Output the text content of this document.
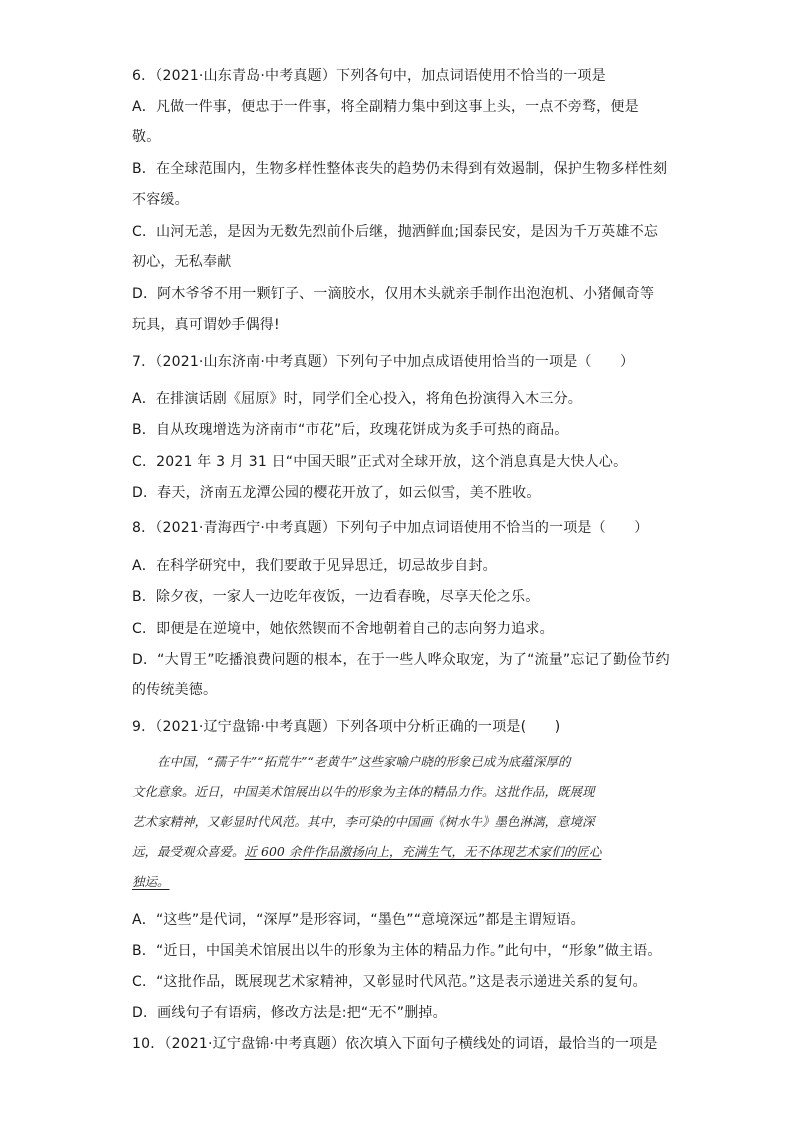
6．（2021·山东青岛·中考真题）下列各句中，加点词语使用不恰当的一项是
A．凡做一件事，便忠于一件事，将全副精力集中到这事上头，一点不旁骛，便是
敬。
B．在全球范围内，生物多样性整体丧失的趋势仍未得到有效遏制，保护生物多样性刻
不容缓。
C．山河无恙，是因为无数先烈前仆后继，抛洒鲜血;国泰民安，是因为千万英雄不忘
初心，无私奉献
D．阿木爷爷不用一颗钉子、一滴胶水，仅用木头就亲手制作出泡泡机、小猪佩奇等
玩具，真可谓妙手偶得!
7．（2021·山东济南·中考真题）下列句子中加点成语使用恰当的一项是（　　）
A．在排演话剧《屈原》时，同学们全心投入，将角色扮演得入木三分。
B．自从玫瑰增选为济南市“市花”后，玫瑰花饼成为炙手可热的商品。
C．2021 年 3 月 31 日“中国天眼”正式对全球开放，这个消息真是大快人心。
D．春天，济南五龙潭公园的樱花开放了，如云似雪，美不胜收。
8．（2021·青海西宁·中考真题）下列句子中加点词语使用不恰当的一项是（　　）
A．在科学研究中，我们要敢于见异思迁，切忌故步自封。
B．除夕夜，一家人一边吃年夜饭，一边看春晚，尽享天伦之乐。
C．即便是在逆境中，她依然锲而不舍地朝着自己的志向努力追求。
D．“大胃王”吃播浪费问题的根本，在于一些人哗众取宠，为了“流量”忘记了勤俭节约
的传统美德。
9．（2021·辽宁盘锦·中考真题）下列各项中分析正确的一项是(　　)

在中国，“孺子牛”“拓荒牛”“老黄牛”这些家喻户晓的形象已成为底蕴深厚的

文化意象。近日，中国美术馆展出以牛的形象为主体的精品力作。这批作品，既展现

艺术家精神，又彰显时代风范。其中，李可染的中国画《树水牛》墨色淋漓，意境深

远，最受观众喜爱。近 600 余件作品激扬向上，充满生气，无不体现艺术家们的匠心

独运。

A．“这些”是代词，“深厚”是形容词，“墨色”“意境深远”都是主谓短语。
B．“近日，中国美术馆展出以牛的形象为主体的精品力作。”此句中，“形象”做主语。
C．“这批作品，既展现艺术家精神，又彰显时代风范。”这是表示递进关系的复句。
D．画线句子有语病，修改方法是:把“无不”删掉。
10．（2021·辽宁盘锦·中考真题）依次填入下面句子横线处的词语，最恰当的一项是
